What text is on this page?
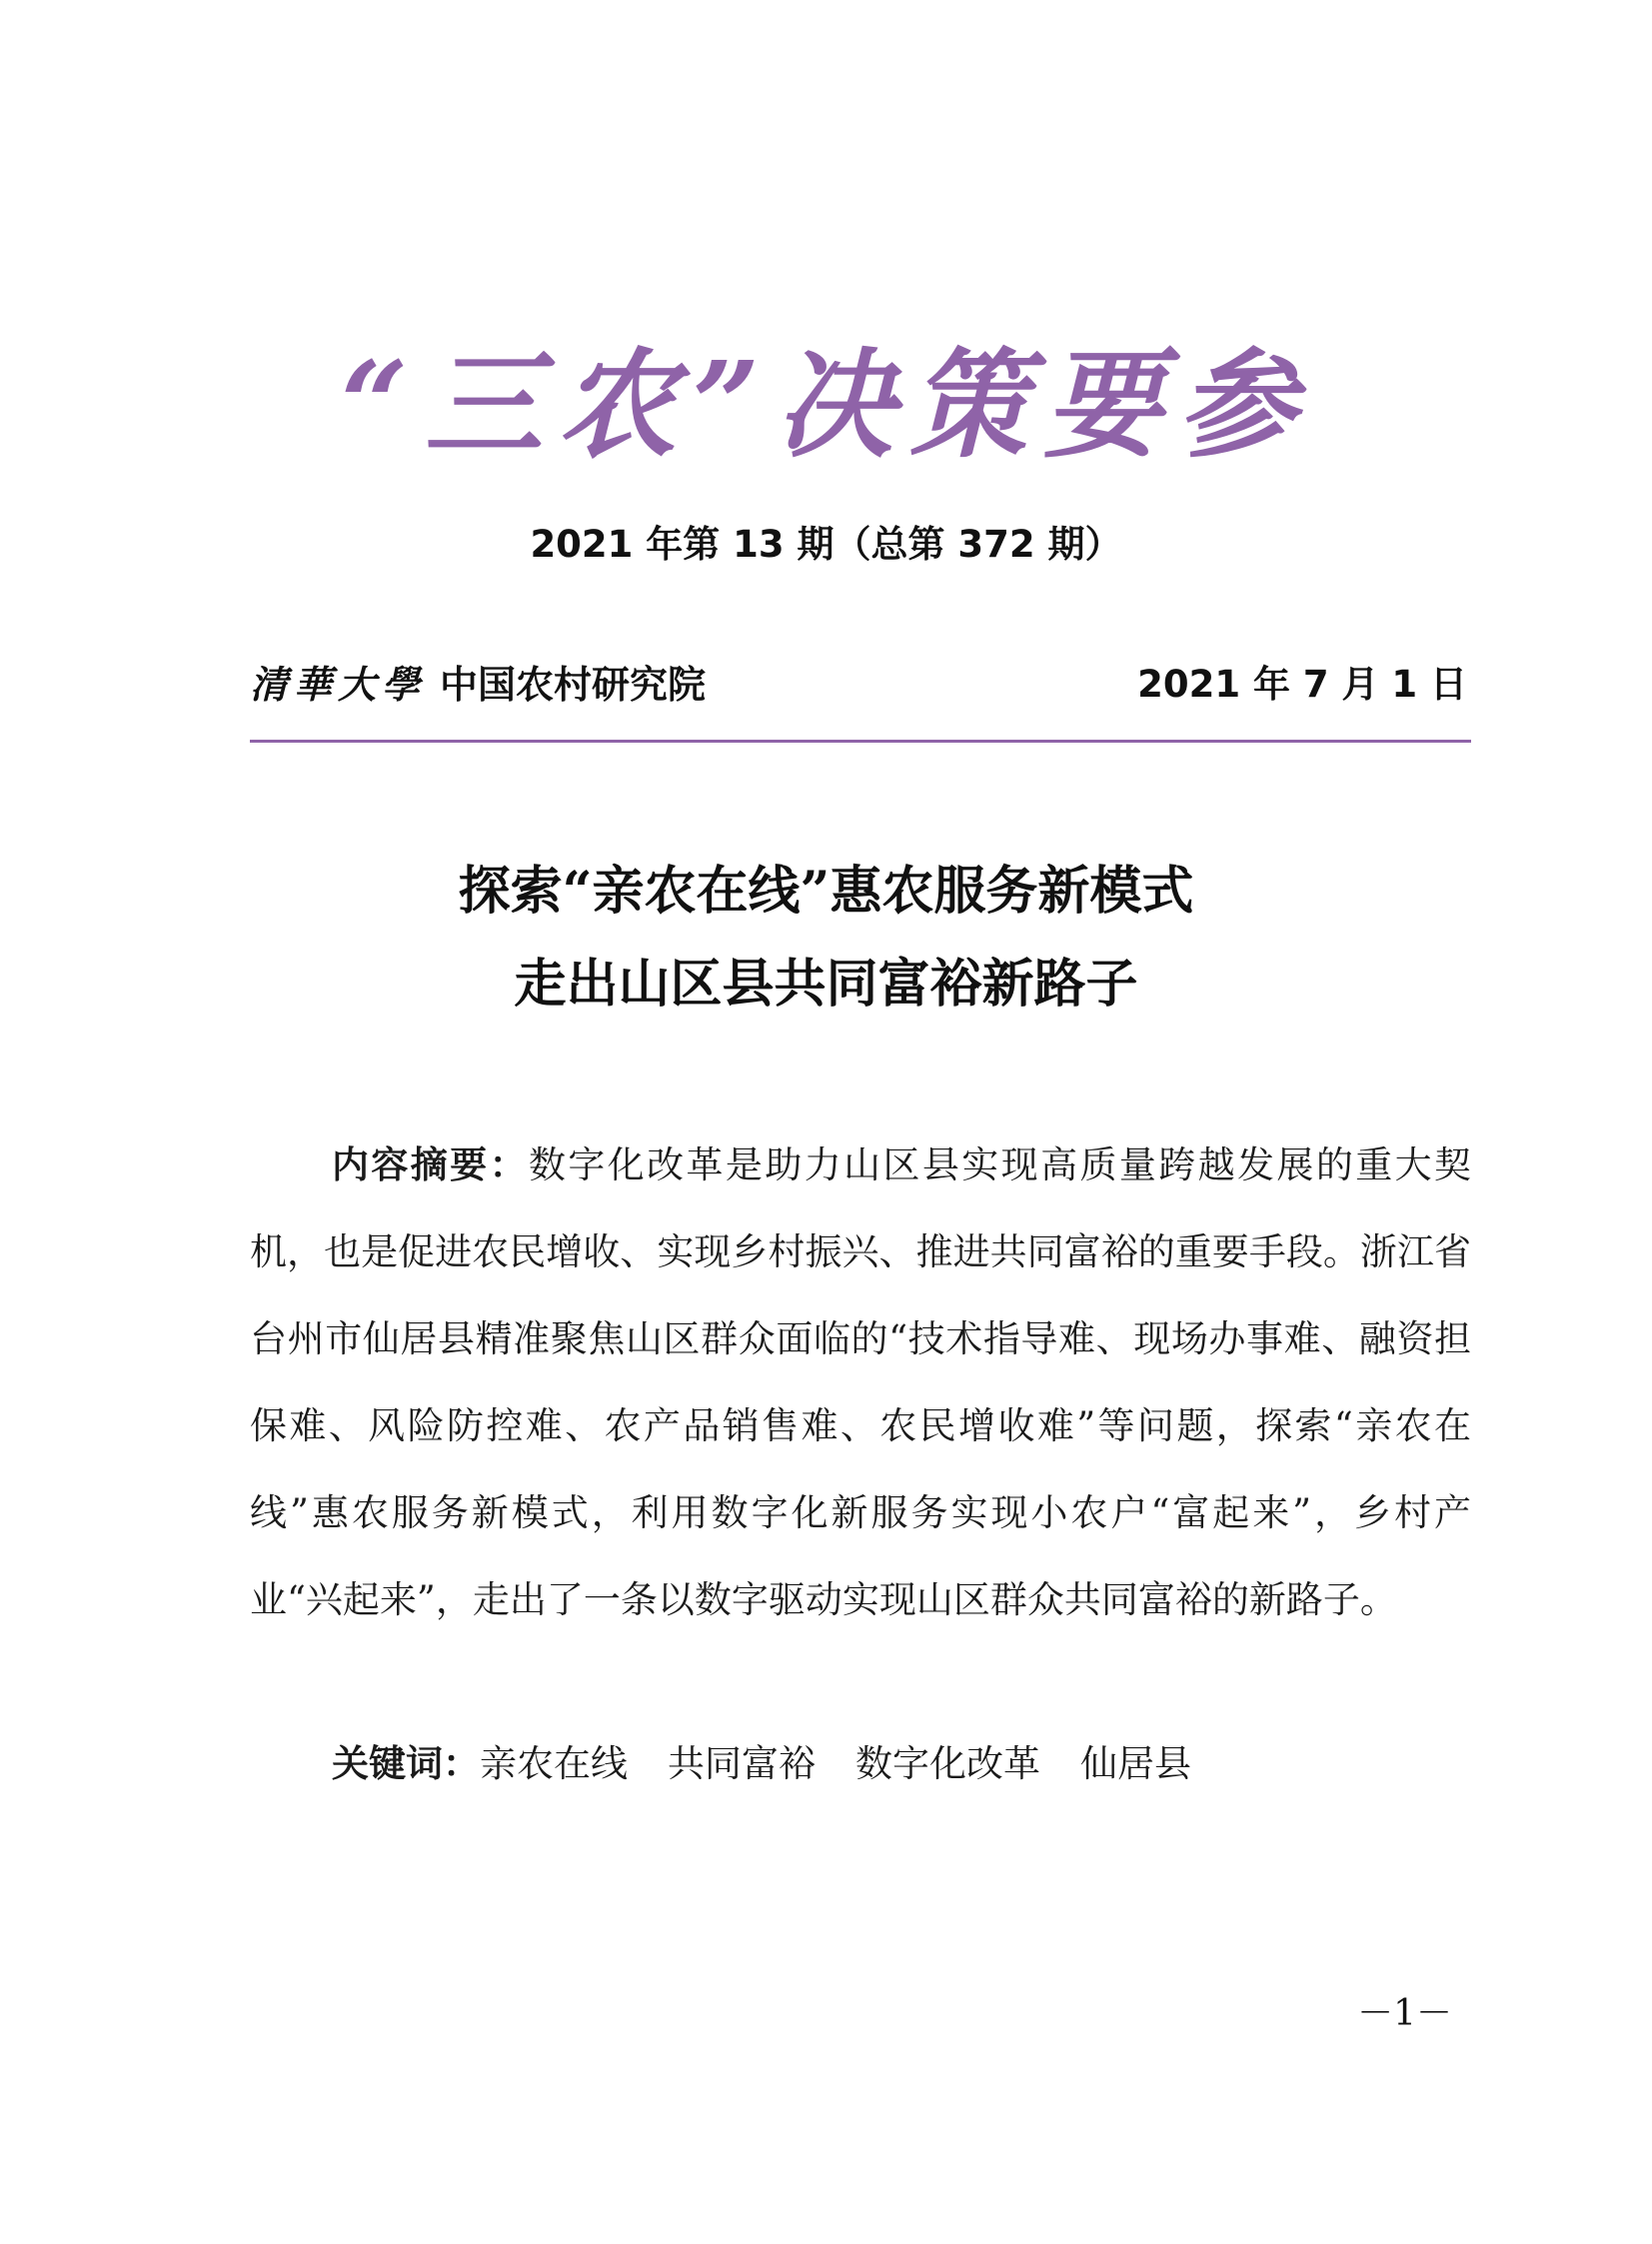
“三农”决策要参
2021 年第 13 期（总第 372 期）
清華大學 中国农村研究院	2021 年 7 月 1 日
探索“亲农在线”惠农服务新模式
走出山区县共同富裕新路子

内容摘要：数字化改革是助力山区县实现高质量跨越发展的重大契机，也是促进农民增收、实现乡村振兴、推进共同富裕的重要手段。浙江省台州市仙居县精准聚焦山区群众面临的“技术指导难、现场办事难、融资担保难、风险防控难、农产品销售难、农民增收难”等问题，探索“亲农在线”惠农服务新模式，利用数字化新服务实现小农户“富起来”，乡村产业“兴起来”，走出了一条以数字驱动实现山区群众共同富裕的新路子。

关键词：亲农在线 共同富裕 数字化改革 仙居县
－1－
